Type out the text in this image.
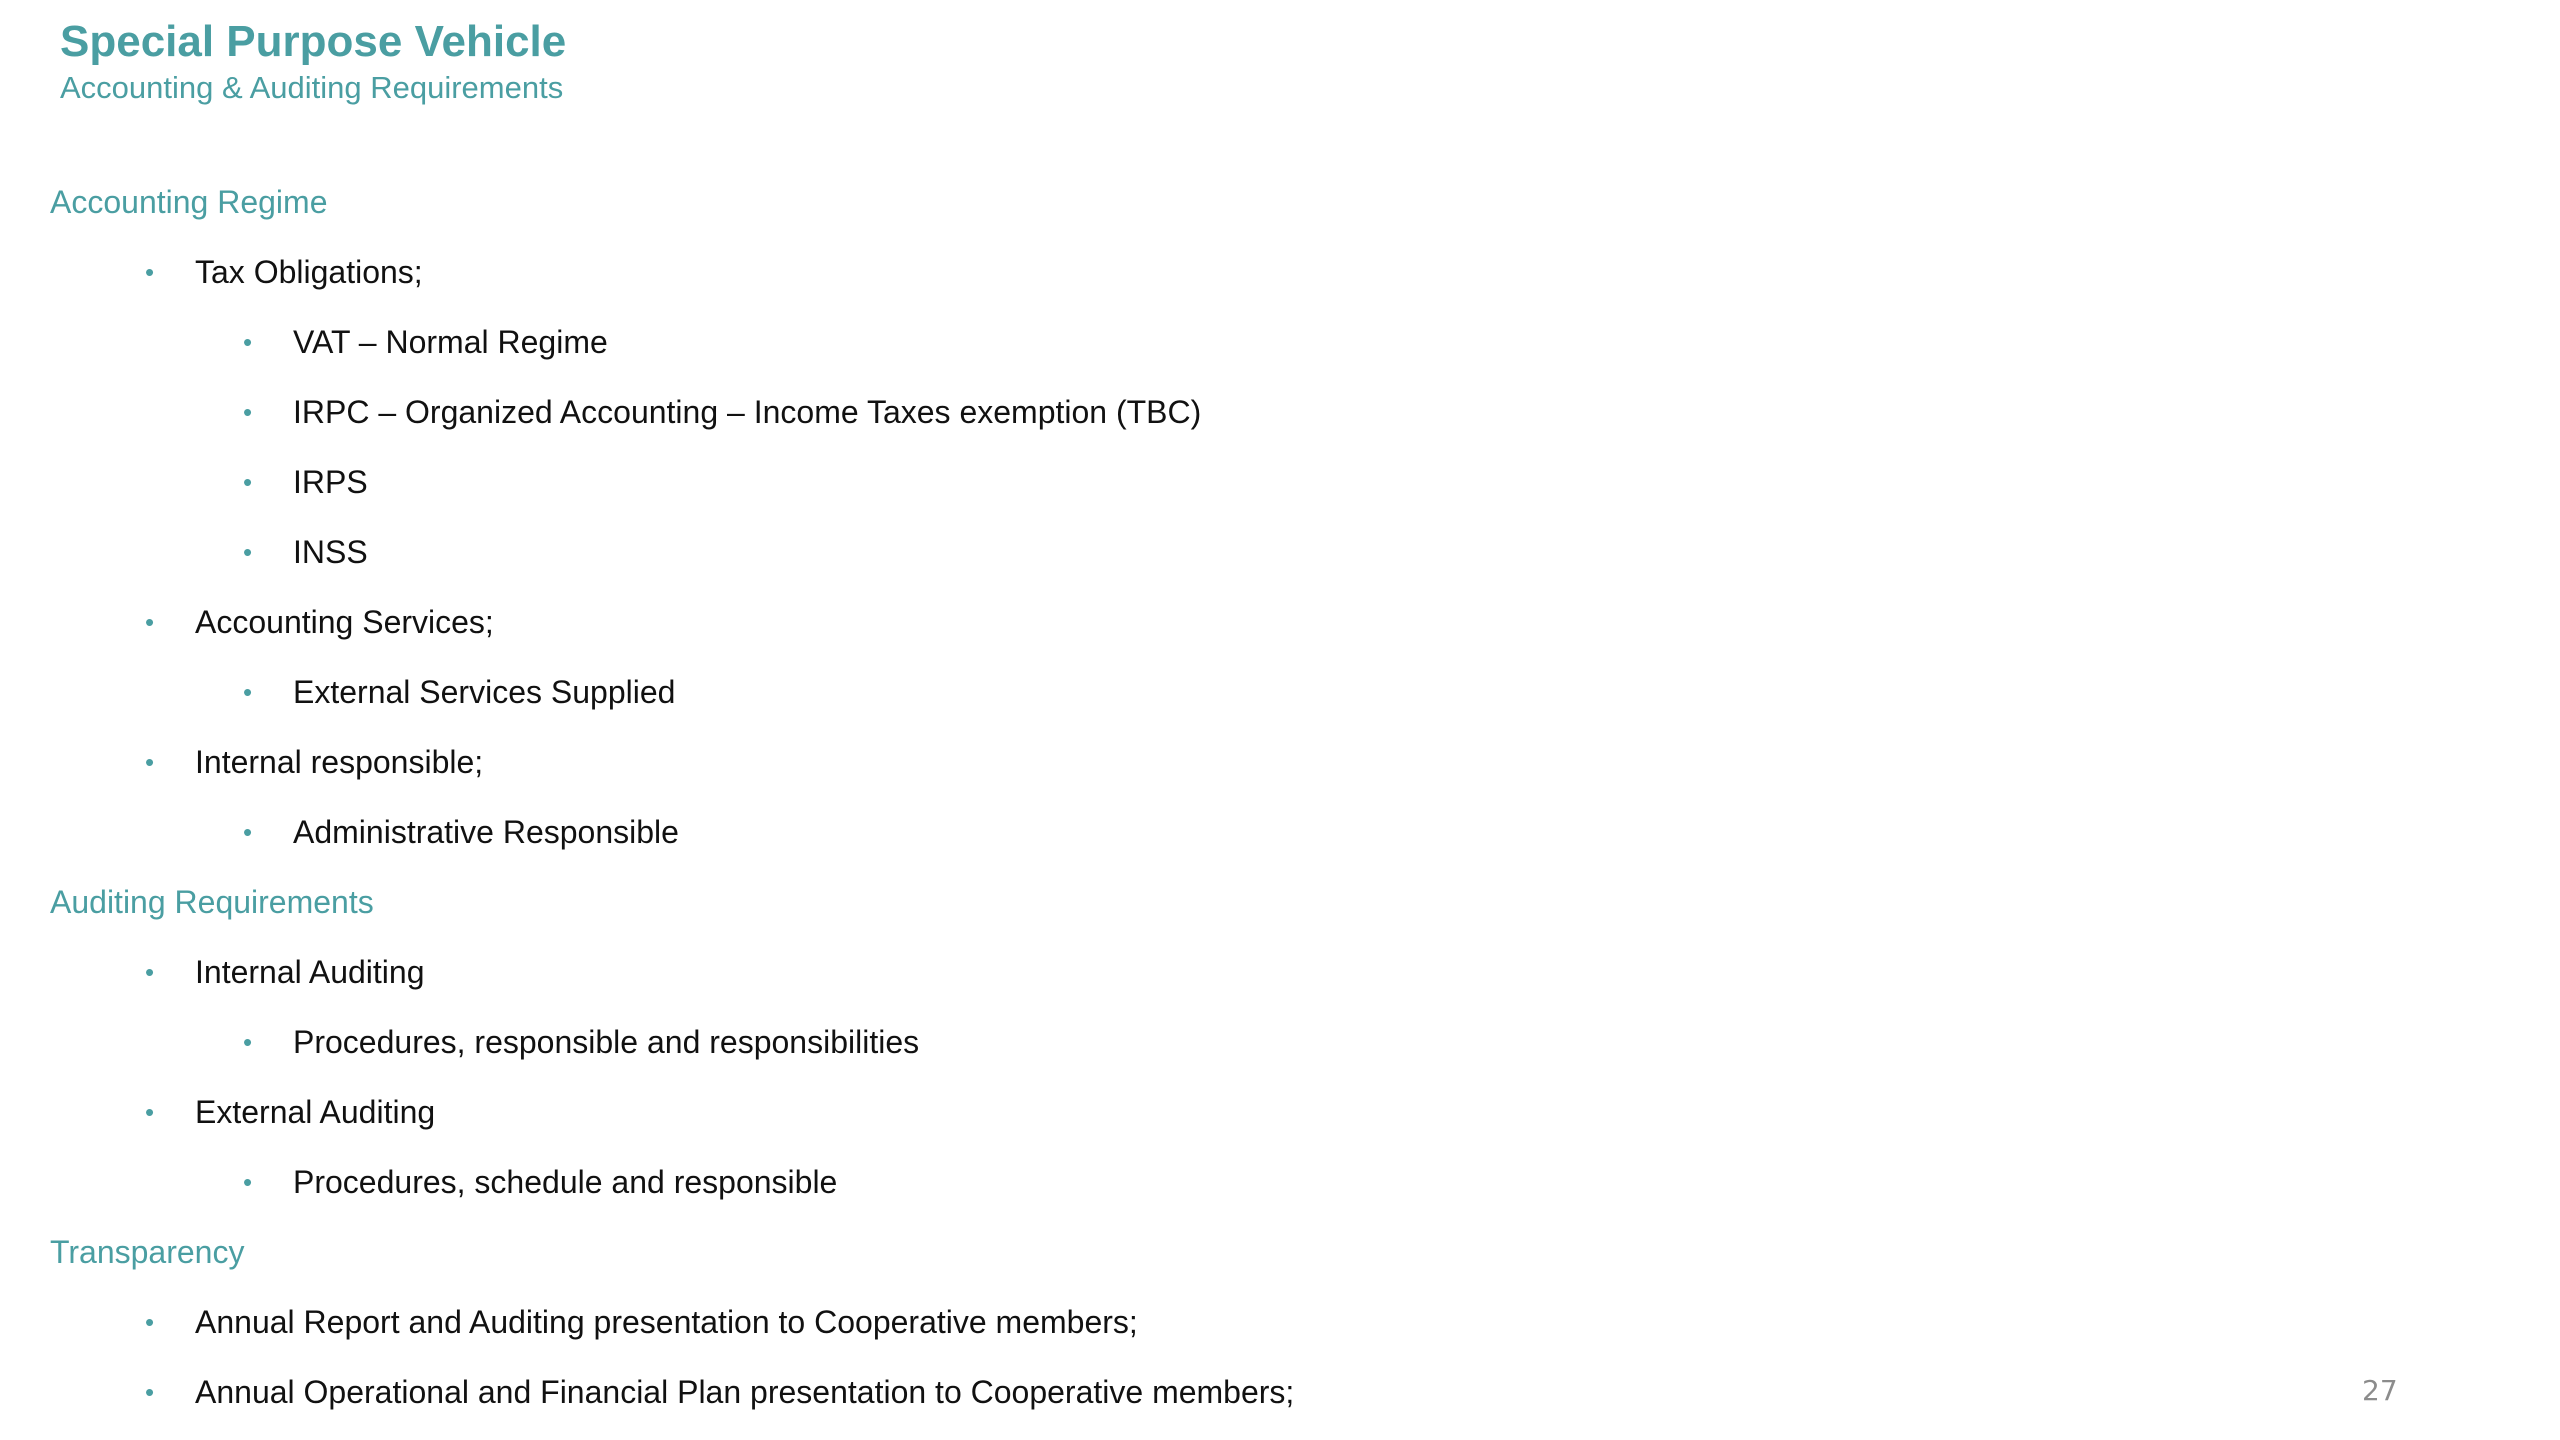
Special Purpose Vehicle
Accounting & Auditing Requirements
Accounting Regime
• Tax Obligations;
• VAT – Normal Regime
• IRPC – Organized Accounting – Income Taxes exemption (TBC)
• IRPS
• INSS
• Accounting Services;
• External Services Supplied
• Internal responsible;
• Administrative Responsible
Auditing Requirements
• Internal Auditing
• Procedures, responsible and responsibilities
• External Auditing
• Procedures, schedule and responsible
Transparency
• Annual Report and Auditing presentation to Cooperative members;
• Annual Operational and Financial Plan presentation to Cooperative members;	27
